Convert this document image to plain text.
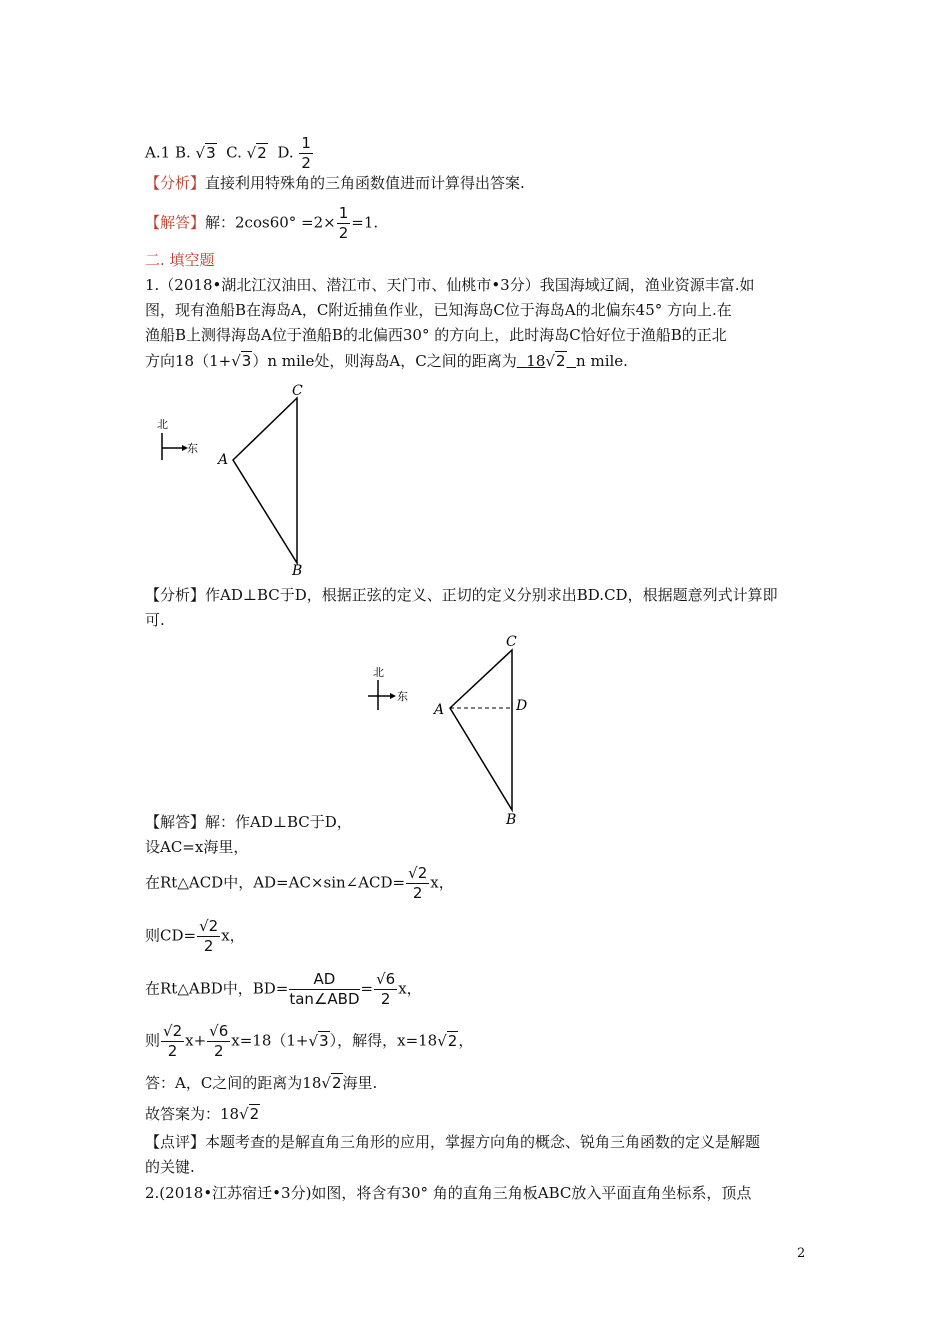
A.1 B. √3 C. √2 D. $\frac{1}{2}$
【分析】直接利用特殊角的三角函数值进而计算得出答案.
【解答】解：$2\cos 60^\circ =2\times \frac{1}{2} =1$.
二. 填空题
1.（2018•湖北江汉油田、潜江市、天门市、仙桃市•3分）我国海域辽阔，渔业资源丰富.如
图，现有渔船B在海岛A，C附近捕鱼作业，已知海岛C位于海岛A的北偏东45° 方向上.在
渔船B上测得海岛A位于渔船B的北偏西30° 的方向上，此时海岛C恰好位于渔船B的正北
方向18（1+√3）n mile处，则海岛A，C之间的距离为 18√2 n mile.
北
东
A
C
B
【分析】作AD⊥BC于D，根据正弦的定义、正切的定义分别求出BD.CD，根据题意列式计算即
可.
北
东
A
C
D
B
【解答】解：作AD⊥BC于D，
设AC=x海里，
在Rt△ACD中，AD=AC×sin∠ACD= $\frac{√2}{2}$ x，
则$CD= \frac{√2}{2}$ x，
在Rt△ABD中，$BD= \frac{AD}{\text{tan∠ABD}} = \frac{√6}{2}$ x，
则 $\frac{√2}{2} x+ \frac{√6}{2} x=18(1+√3)$，解得，x=18√2，
答：A，C之间的距离为18√2海里.
故答案为：18√2
【点评】本题考查的是解直角三角形的应用，掌握方向角的概念、锐角三角函数的定义是解题
的关键.
2.(2018•江苏宿迁•3分)如图，将含有30° 角的直角三角板ABC放入平面直角坐标系，顶点
2
